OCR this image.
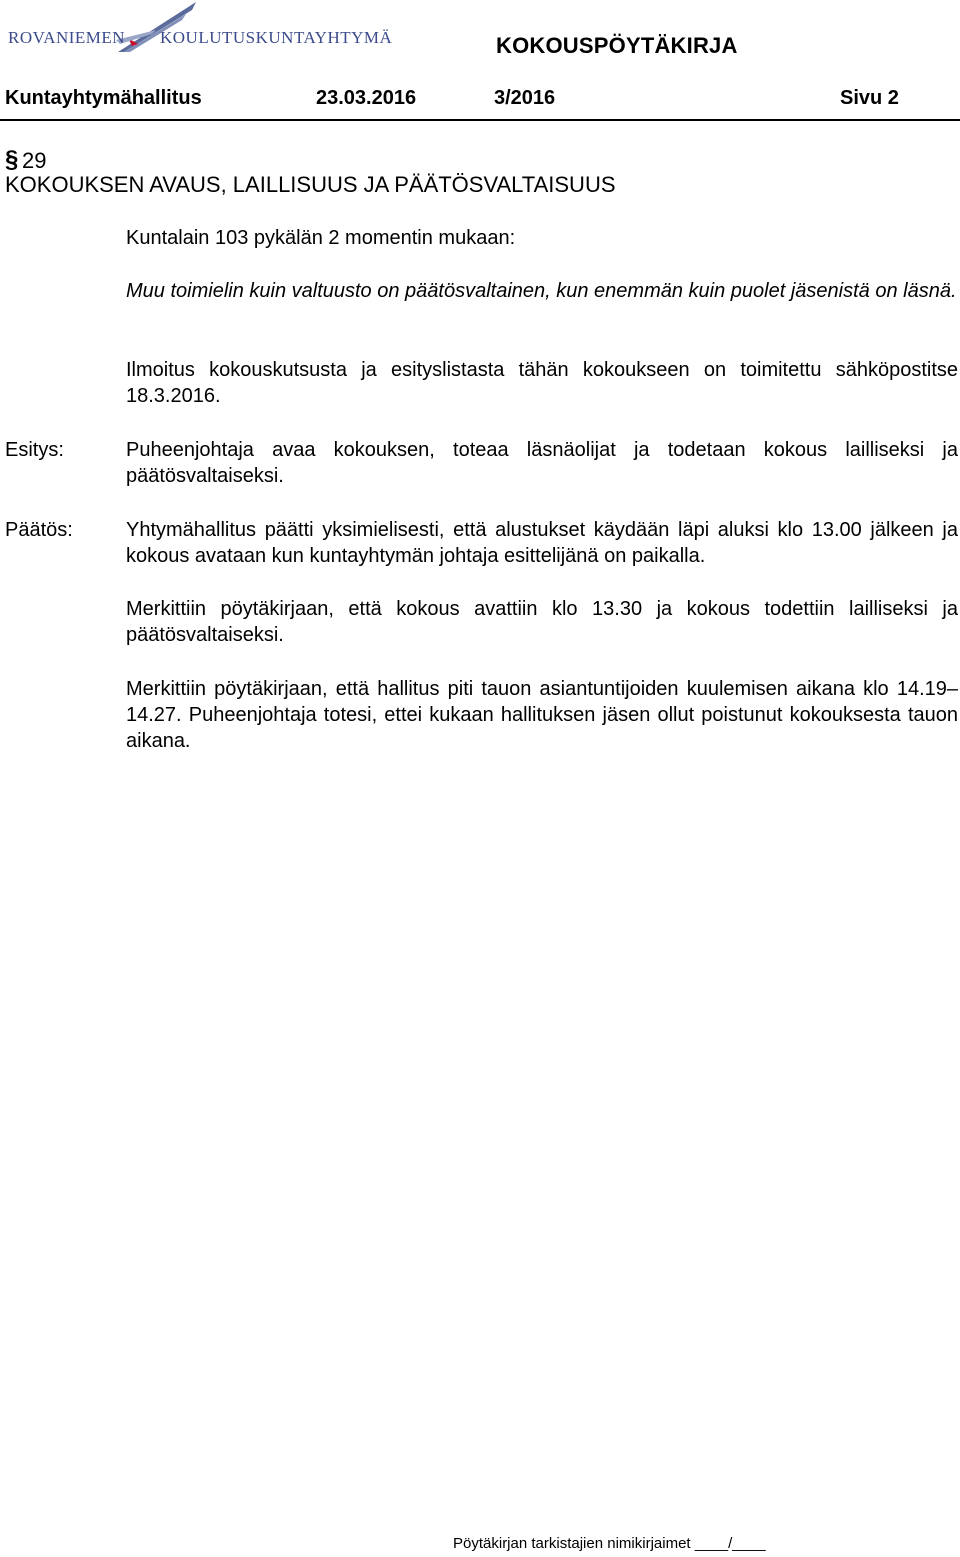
ROVANIEMEN KOULUTUSKUNTAYHTYMÄ	KOKOUSPÖYTÄKIRJA
Kuntayhtymähallitus	23.03.2016	3/2016	Sivu 2
§ 29
KOKOUKSEN AVAUS, LAILLISUUS JA PÄÄTÖSVALTAISUUS
Kuntalain 103 pykälän 2 momentin mukaan:
Muu toimielin kuin valtuusto on päätösvaltainen, kun enemmän kuin puolet jäsenistä on läsnä.
Ilmoitus kokouskutsusta ja esityslistasta tähän kokoukseen on toimitettu sähköpostitse 18.3.2016.
Esitys:	Puheenjohtaja avaa kokouksen, toteaa läsnäolijat ja todetaan kokous lailliseksi ja päätösvaltaiseksi.
Päätös:	Yhtymähallitus päätti yksimielisesti, että alustukset käydään läpi aluksi klo 13.00 jälkeen ja kokous avataan kun kuntayhtymän johtaja esittelijänä on paikalla.
Merkittiin pöytäkirjaan, että kokous avattiin klo 13.30 ja kokous todettiin lailliseksi ja päätösvaltaiseksi.
Merkittiin pöytäkirjaan, että hallitus piti tauon asiantuntijoiden kuulemisen aikana klo 14.19–14.27. Puheenjohtaja totesi, ettei kukaan hallituksen jäsen ollut poistunut kokouksesta tauon aikana.
Pöytäkirjan tarkistajien nimikirjaimet ____/____
